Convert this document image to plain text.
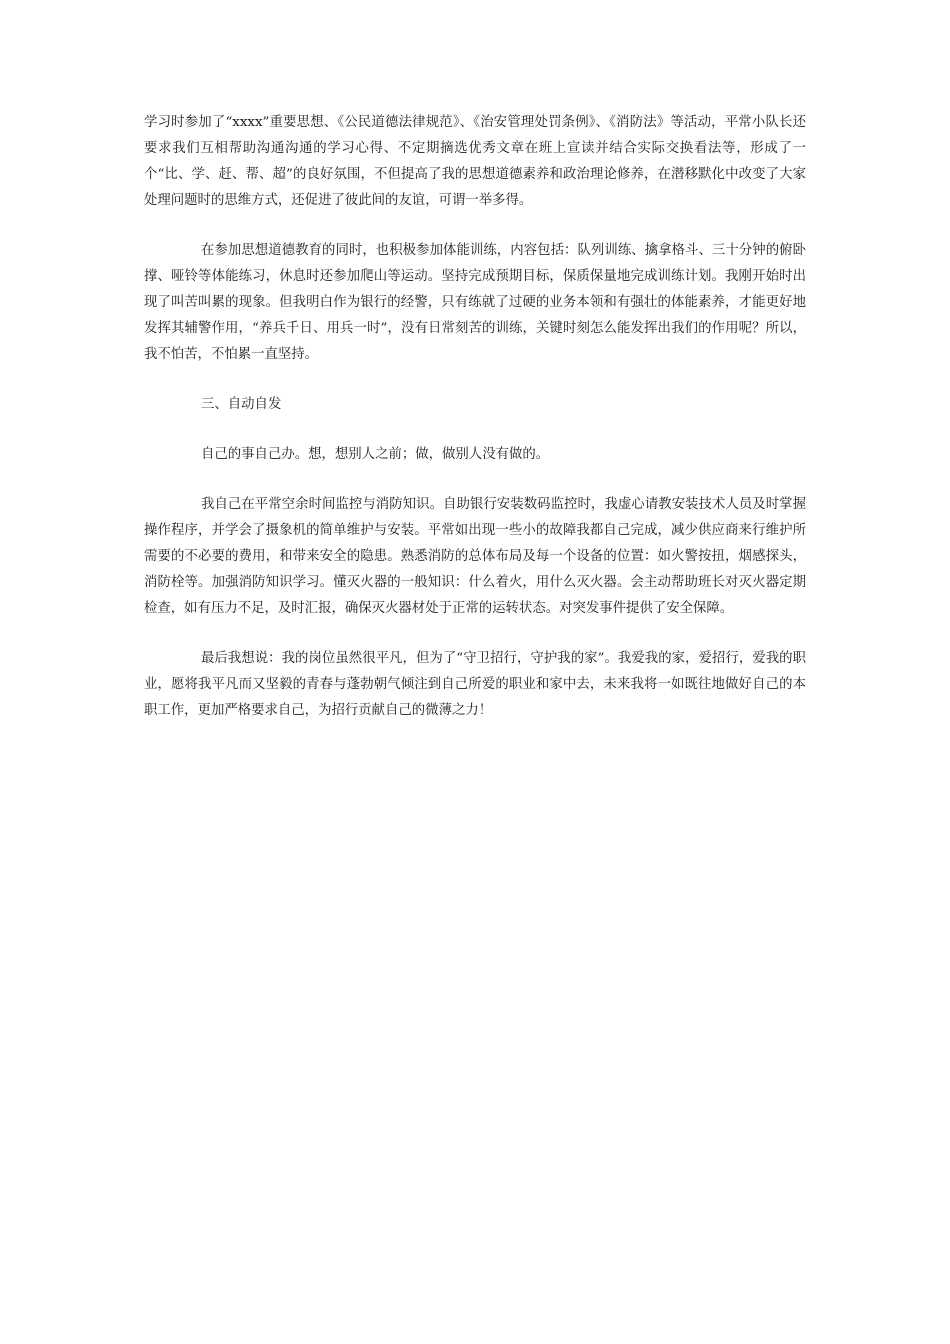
学习时参加了“xxxx”重要思想、《公民道德法律规范》、《治安管理处罚条例》、《消防法》等活动，平常小队长还要求我们互相帮助沟通沟通的学习心得、不定期摘选优秀文章在班上宣读并结合实际交换看法等，形成了一个“比、学、赶、帮、超”的良好氛围，不但提高了我的思想道德素养和政治理论修养，在潜移默化中改变了大家处理问题时的思维方式，还促进了彼此间的友谊，可谓一举多得。

在参加思想道德教育的同时，也积极参加体能训练，内容包括：队列训练、擒拿格斗、三十分钟的俯卧撑、哑铃等体能练习，休息时还参加爬山等运动。坚持完成预期目标，保质保量地完成训练计划。我刚开始时出现了叫苦叫累的现象。但我明白作为银行的经警，只有练就了过硬的业务本领和有强壮的体能素养，才能更好地发挥其辅警作用，“养兵千日、用兵一时”，没有日常刻苦的训练，关键时刻怎么能发挥出我们的作用呢？所以，我不怕苦，不怕累一直坚持。

三、自动自发

自己的事自己办。想，想别人之前；做，做别人没有做的。

我自己在平常空余时间监控与消防知识。自助银行安装数码监控时，我虚心请教安装技术人员及时掌握操作程序，并学会了摄象机的简单维护与安装。平常如出现一些小的故障我都自己完成，减少供应商来行维护所需要的不必要的费用，和带来安全的隐患。熟悉消防的总体布局及每一个设备的位置：如火警按扭，烟感探头，消防栓等。加强消防知识学习。懂灭火器的一般知识：什么着火，用什么灭火器。会主动帮助班长对灭火器定期检查，如有压力不足，及时汇报，确保灭火器材处于正常的运转状态。对突发事件提供了安全保障。

最后我想说：我的岗位虽然很平凡，但为了“守卫招行，守护我的家”。我爱我的家，爱招行，爱我的职业，愿将我平凡而又坚毅的青春与蓬勃朝气倾注到自己所爱的职业和家中去，未来我将一如既往地做好自己的本职工作，更加严格要求自己，为招行贡献自己的微薄之力！
